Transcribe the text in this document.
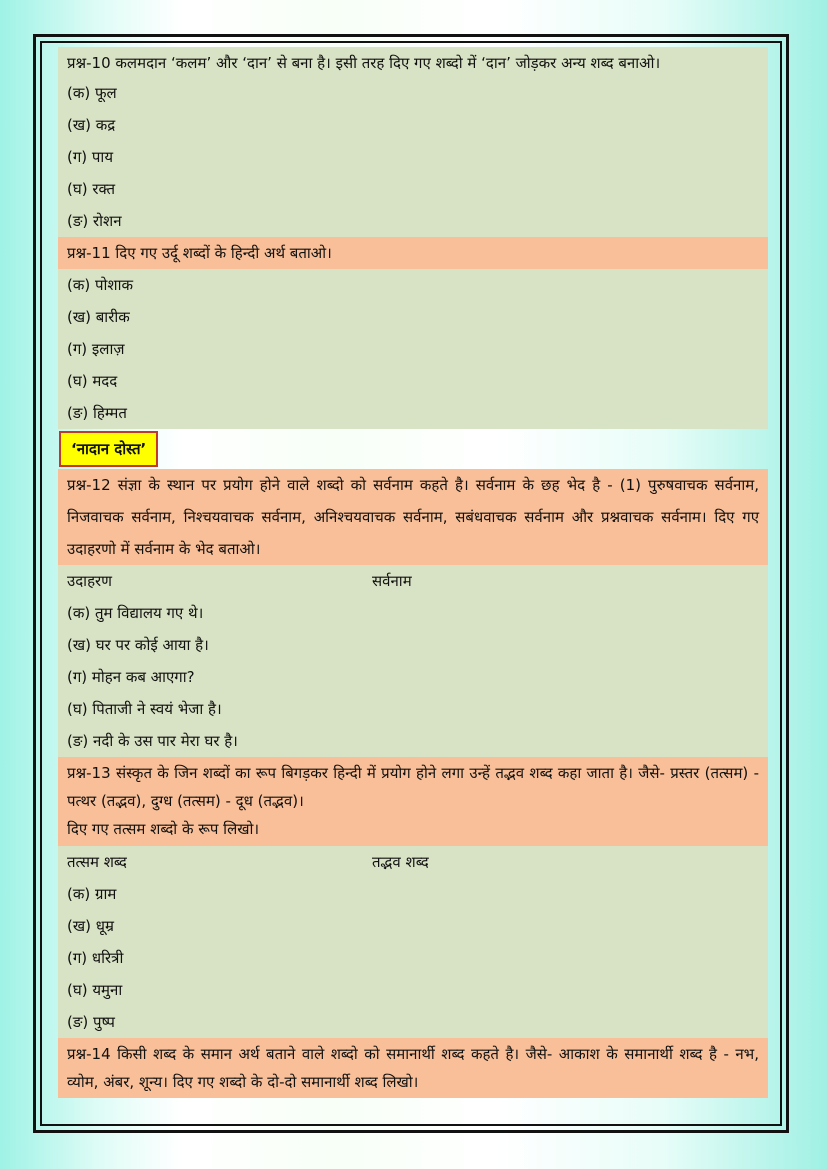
प्रश्न-10 कलमदान ‘कलम’ और ‘दान’ से बना है। इसी तरह दिए गए शब्दो में ‘दान’ जोड़कर अन्य शब्द बनाओ।
(क) फूल
(ख) कद्र
(ग) पाय
(घ) रक्त
(ङ) रोशन
प्रश्न-11 दिए गए उर्दू शब्दों के हिन्दी अर्थ बताओ।
(क) पोशाक
(ख) बारीक
(ग) इलाज़
(घ) मदद
(ङ) हिम्मत
‘नादान दोस्त’
प्रश्न-12 संज्ञा के स्थान पर प्रयोग होने वाले शब्दो को सर्वनाम कहते है। सर्वनाम के छह भेद है - (1) पुरुषवाचक सर्वनाम, निजवाचक सर्वनाम, निश्चयवाचक सर्वनाम, अनिश्चयवाचक सर्वनाम, सबंधवाचक सर्वनाम और प्रश्नवाचक सर्वनाम। दिए गए उदाहरणो में सर्वनाम के भेद बताओ।
उदाहरण	सर्वनाम
(क) तुम विद्यालय गए थे।
(ख) घर पर कोई आया है।
(ग) मोहन कब आएगा?
(घ) पिताजी ने स्वयं भेजा है।
(ङ) नदी के उस पार मेरा घर है।
प्रश्न-13 संस्कृत के जिन शब्दों का रूप बिगड़कर हिन्दी में प्रयोग होने लगा उन्हें तद्भव शब्द कहा जाता है। जैसे- प्रस्तर (तत्सम) - पत्थर (तद्भव), दुग्ध (तत्सम) - दूध (तद्भव)।
दिए गए तत्सम शब्दो के रूप लिखो।
तत्सम शब्द	तद्भव शब्द
(क) ग्राम
(ख) धूम्र
(ग) धरित्री
(घ) यमुना
(ङ) पुष्प
प्रश्न-14 किसी शब्द के समान अर्थ बताने वाले शब्दो को समानार्थी शब्द कहते है। जैसे- आकाश के समानार्थी शब्द है - नभ, व्योम, अंबर, शून्य। दिए गए शब्दो के दो-दो समानार्थी शब्द लिखो।
